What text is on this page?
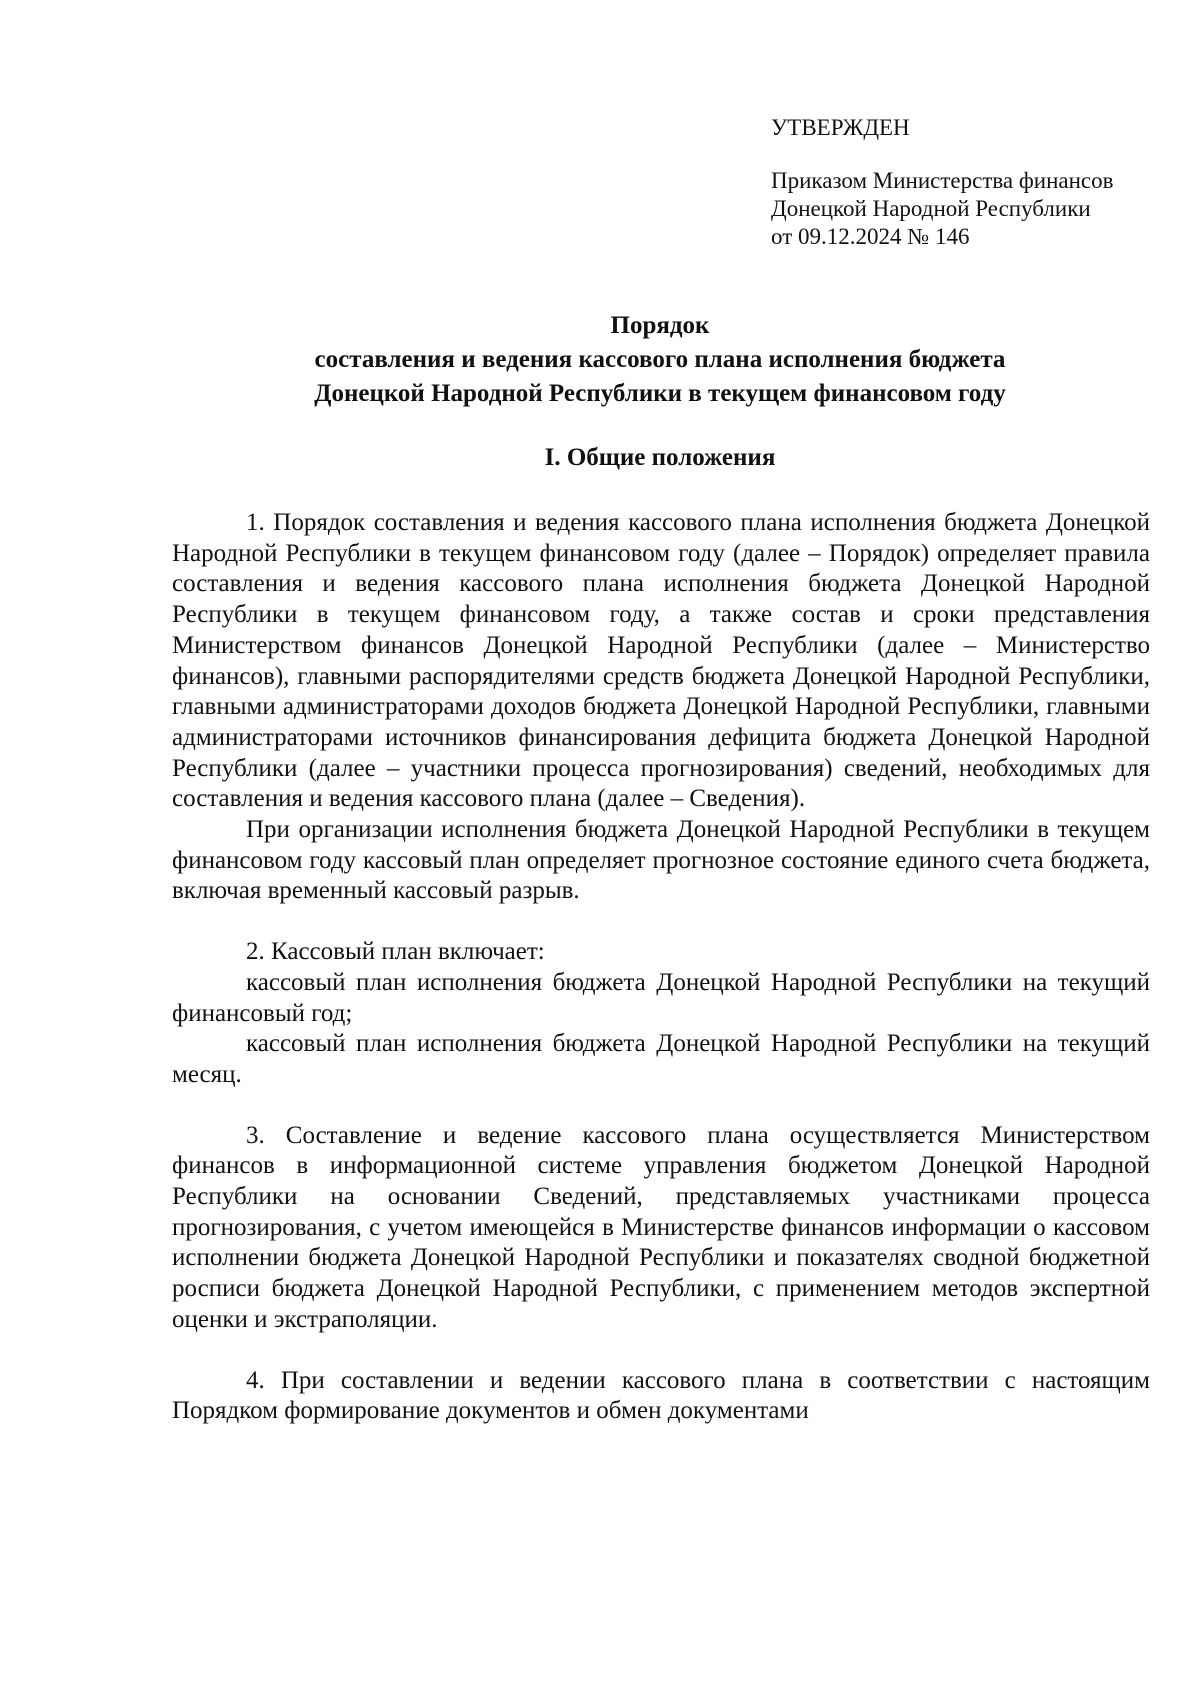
УТВЕРЖДЕН
Приказом Министерства финансов
Донецкой Народной Республики
от 09.12.2024 № 146
Порядок
составления и ведения кассового плана исполнения бюджета
Донецкой Народной Республики в текущем финансовом году
I. Общие положения

1. Порядок составления и ведения кассового плана исполнения бюджета Донецкой Народной Республики в текущем финансовом году (далее – Порядок) определяет правила составления и ведения кассового плана исполнения бюджета Донецкой Народной Республики в текущем финансовом году, а также состав и сроки представления Министерством финансов Донецкой Народной Республики (далее – Министерство финансов), главными распорядителями средств бюджета Донецкой Народной Республики, главными администраторами доходов бюджета Донецкой Народной Республики, главными администраторами источников финансирования дефицита бюджета Донецкой Народной Республики (далее – участники процесса прогнозирования) сведений, необходимых для составления и ведения кассового плана (далее – Сведения).

При организации исполнения бюджета Донецкой Народной Республики в текущем финансовом году кассовый план определяет прогнозное состояние единого счета бюджета, включая временный кассовый разрыв.

2. Кассовый план включает:

кассовый план исполнения бюджета Донецкой Народной Республики на текущий финансовый год;

кассовый план исполнения бюджета Донецкой Народной Республики на текущий месяц.

3. Составление и ведение кассового плана осуществляется Министерством финансов в информационной системе управления бюджетом Донецкой Народной Республики на основании Сведений, представляемых участниками процесса прогнозирования, с учетом имеющейся в Министерстве финансов информации о кассовом исполнении бюджета Донецкой Народной Республики и показателях сводной бюджетной росписи бюджета Донецкой Народной Республики, с применением методов экспертной оценки и экстраполяции.

4. При составлении и ведении кассового плана в соответствии с настоящим Порядком формирование документов и обмен документами
